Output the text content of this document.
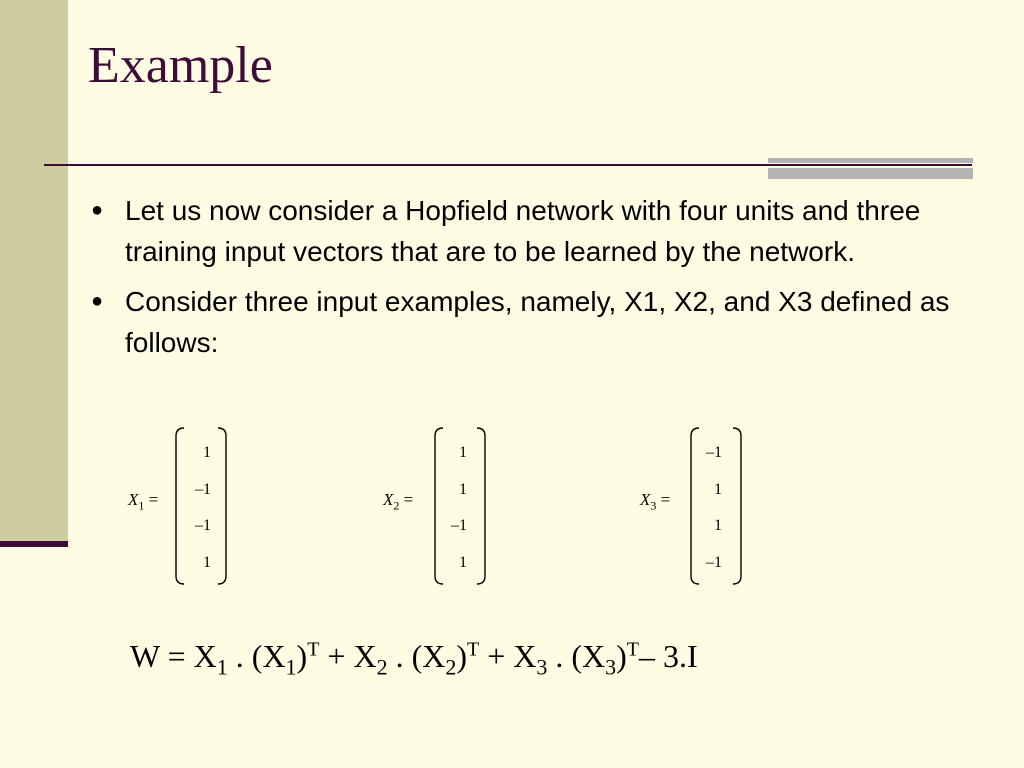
Example
● Let us now consider a Hopfield network with four units and three training input vectors that are to be learned by the network.
● Consider three input examples, namely, X1, X2, and X3 defined as follows:
$X_1$ =
1
–1
–1
1
$X_2$ =
1
1
–1
1
$X_3$ =
–1
1
1
–1
$W = X_1$ . $(X_1)^T + X_2$ . $(X_2)^T + X_3$ . $(X_3)^T-$ 3.I
